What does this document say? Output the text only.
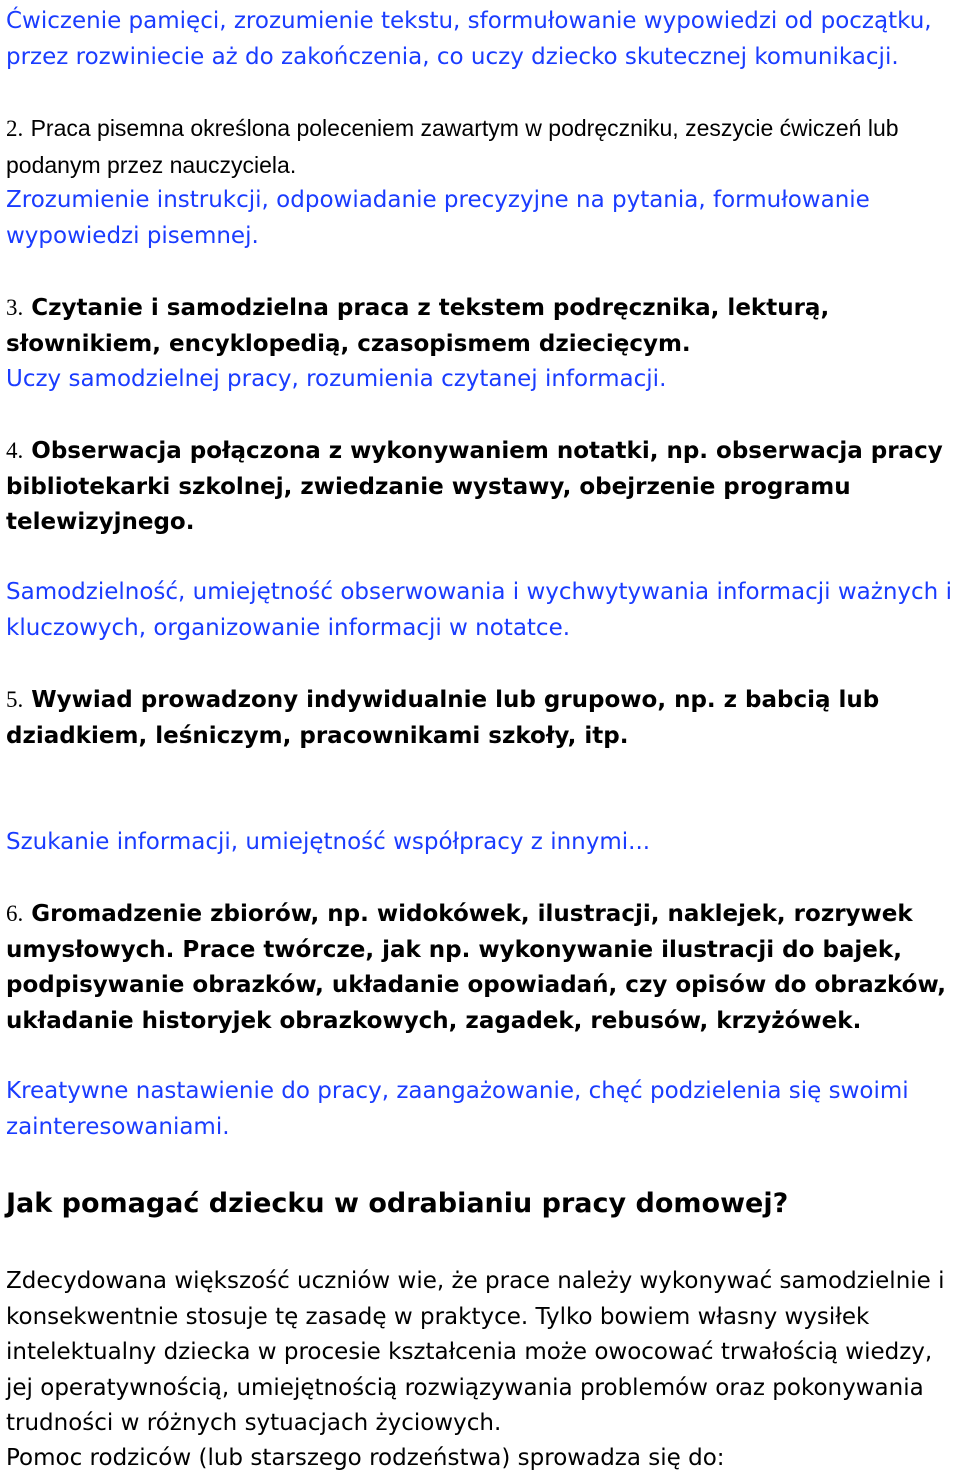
Ćwiczenie pamięci, zrozumienie tekstu, sformułowanie wypowiedzi od początku, przez rozwiniecie aż do zakończenia, co uczy dziecko skutecznej komunikacji.

2. Praca pisemna określona poleceniem zawartym w podręczniku, zeszycie ćwiczeń lub podanym przez nauczyciela.

Zrozumienie instrukcji, odpowiadanie precyzyjne na pytania, formułowanie wypowiedzi pisemnej.

3. Czytanie i samodzielna praca z tekstem podręcznika, lekturą, słownikiem, encyklopedią, czasopismem dziecięcym.

Uczy samodzielnej pracy, rozumienia czytanej informacji.

4. Obserwacja połączona z wykonywaniem notatki, np. obserwacja pracy bibliotekarki szkolnej, zwiedzanie wystawy, obejrzenie programu telewizyjnego.

Samodzielność, umiejętność obserwowania i wychwytywania informacji ważnych i kluczowych, organizowanie informacji w notatce.

5. Wywiad prowadzony indywidualnie lub grupowo, np. z babcią lub dziadkiem, leśniczym, pracownikami szkoły, itp.

Szukanie informacji, umiejętność współpracy z innymi...

6. Gromadzenie zbiorów, np. widokówek, ilustracji, naklejek, rozrywek umysłowych. Prace twórcze, jak np. wykonywanie ilustracji do bajek, podpisywanie obrazków, układanie opowiadań, czy opisów do obrazków, układanie historyjek obrazkowych, zagadek, rebusów, krzyżówek.

Kreatywne nastawienie do pracy, zaangażowanie, chęć podzielenia się swoimi zainteresowaniami.

Jak pomagać dziecku w odrabianiu pracy domowej?

Zdecydowana większość uczniów wie, że prace należy wykonywać samodzielnie i konsekwentnie stosuje tę zasadę w praktyce. Tylko bowiem własny wysiłek intelektualny dziecka w procesie kształcenia może owocować trwałością wiedzy, jej operatywnością, umiejętnością rozwiązywania problemów oraz pokonywania trudności w różnych sytuacjach życiowych.

Pomoc rodziców (lub starszego rodzeństwa) sprowadza się do:
